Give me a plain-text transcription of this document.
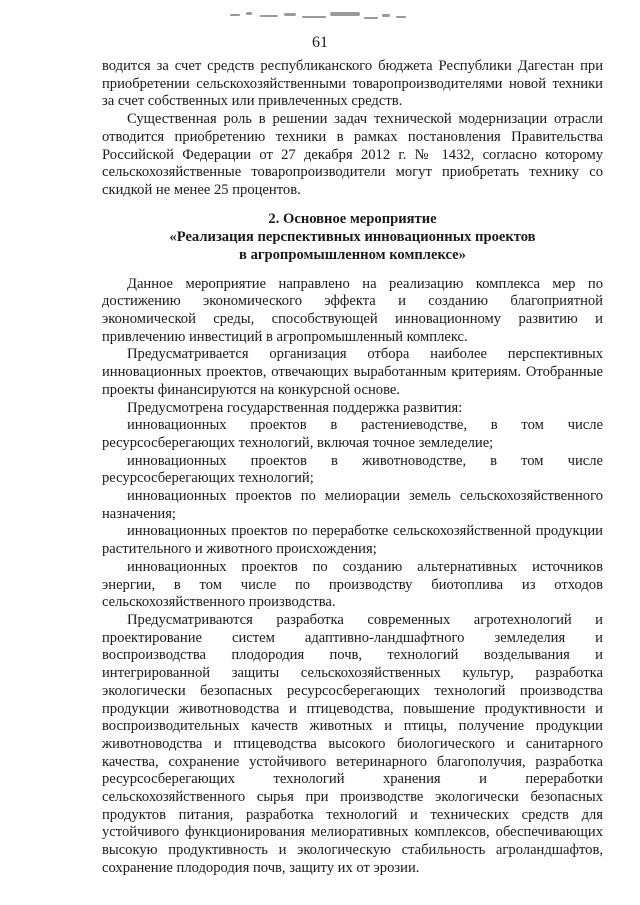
61

водится за счет средств республиканского бюджета Республики Дагестан при приобретении сельскохозяйственными товаропроизводителями новой техники за счет собственных или привлеченных средств.

Существенная роль в решении задач технической модернизации отрасли отводится приобретению техники в рамках постановления Правительства Российской Федерации от 27 декабря 2012 г. № 1432, согласно которому сельскохозяйственные товаропроизводители могут приобретать технику со скидкой не менее 25 процентов.

2. Основное мероприятие
«Реализация перспективных инновационных проектов
в агропромышленном комплексе»

Данное мероприятие направлено на реализацию комплекса мер по достижению экономического эффекта и созданию благоприятной экономической среды, способствующей инновационному развитию и привлечению инвестиций в агропромышленный комплекс.

Предусматривается организация отбора наиболее перспективных инновационных проектов, отвечающих выработанным критериям. Отобранные проекты финансируются на конкурсной основе.

Предусмотрена государственная поддержка развития:

инновационных проектов в растениеводстве, в том числе ресурсосберегающих технологий, включая точное земледелие;

инновационных проектов в животноводстве, в том числе ресурсосберегающих технологий;

инновационных проектов по мелиорации земель сельскохозяйственного назначения;

инновационных проектов по переработке сельскохозяйственной продукции растительного и животного происхождения;

инновационных проектов по созданию альтернативных источников энергии, в том числе по производству биотоплива из отходов сельскохозяйственного производства.

Предусматриваются разработка современных агротехнологий и проектирование систем адаптивно-ландшафтного земледелия и воспроизводства плодородия почв, технологий возделывания и интегрированной защиты сельскохозяйственных культур, разработка экологически безопасных ресурсосберегающих технологий производства продукции животноводства и птицеводства, повышение продуктивности и воспроизводительных качеств животных и птицы, получение продукции животноводства и птицеводства высокого биологического и санитарного качества, сохранение устойчивого ветеринарного благополучия, разработка ресурсосберегающих технологий хранения и переработки сельскохозяйственного сырья при производстве экологически безопасных продуктов питания, разработка технологий и технических средств для устойчивого функционирования мелиоративных комплексов, обеспечивающих высокую продуктивность и экологическую стабильность агроландшафтов, сохранение плодородия почв, защиту их от эрозии.
